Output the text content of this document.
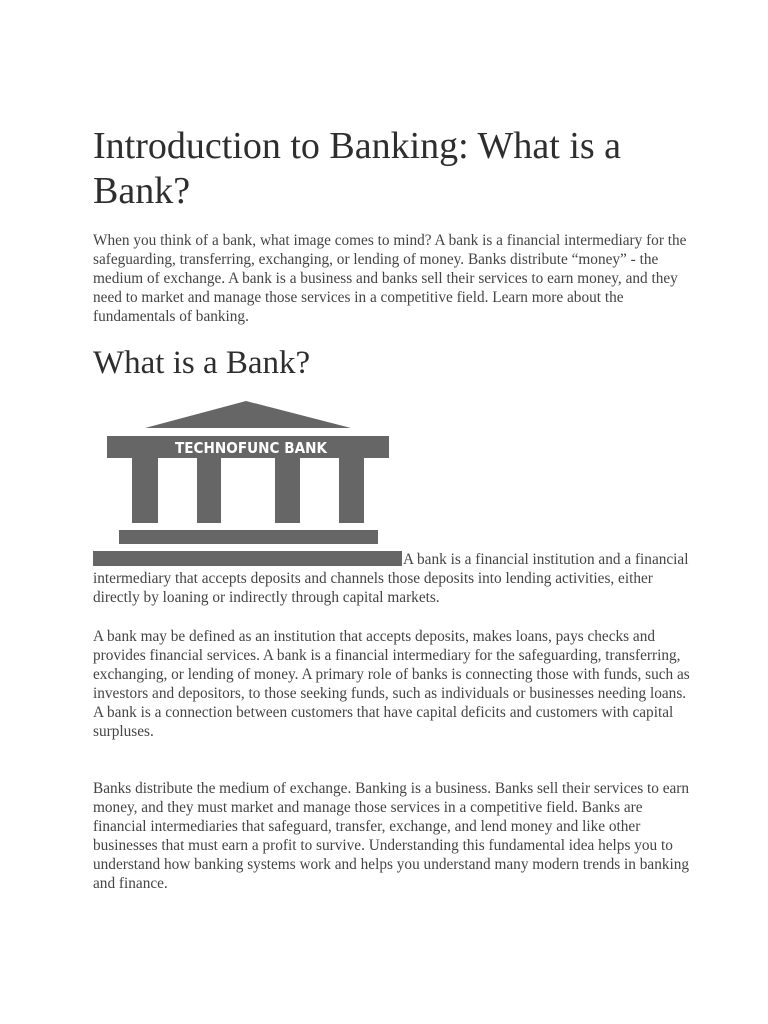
Introduction to Banking: What is a Bank?

When you think of a bank, what image comes to mind? A bank is a financial intermediary for the safeguarding, transferring, exchanging, or lending of money. Banks distribute “money” - the medium of exchange. A bank is a business and banks sell their services to earn money, and they need to market and manage those services in a competitive field. Learn more about the fundamentals of banking.

What is a Bank?
TECHNOFUNC BANK

A bank is a financial institution and a financial intermediary that accepts deposits and channels those deposits into lending activities, either directly by loaning or indirectly through capital markets.

A bank may be defined as an institution that accepts deposits, makes loans, pays checks and provides financial services. A bank is a financial intermediary for the safeguarding, transferring, exchanging, or lending of money. A primary role of banks is connecting those with funds, such as investors and depositors, to those seeking funds, such as individuals or businesses needing loans. A bank is a connection between customers that have capital deficits and customers with capital surpluses.

Banks distribute the medium of exchange. Banking is a business. Banks sell their services to earn money, and they must market and manage those services in a competitive field. Banks are financial intermediaries that safeguard, transfer, exchange, and lend money and like other businesses that must earn a profit to survive. Understanding this fundamental idea helps you to understand how banking systems work and helps you understand many modern trends in banking and finance.
